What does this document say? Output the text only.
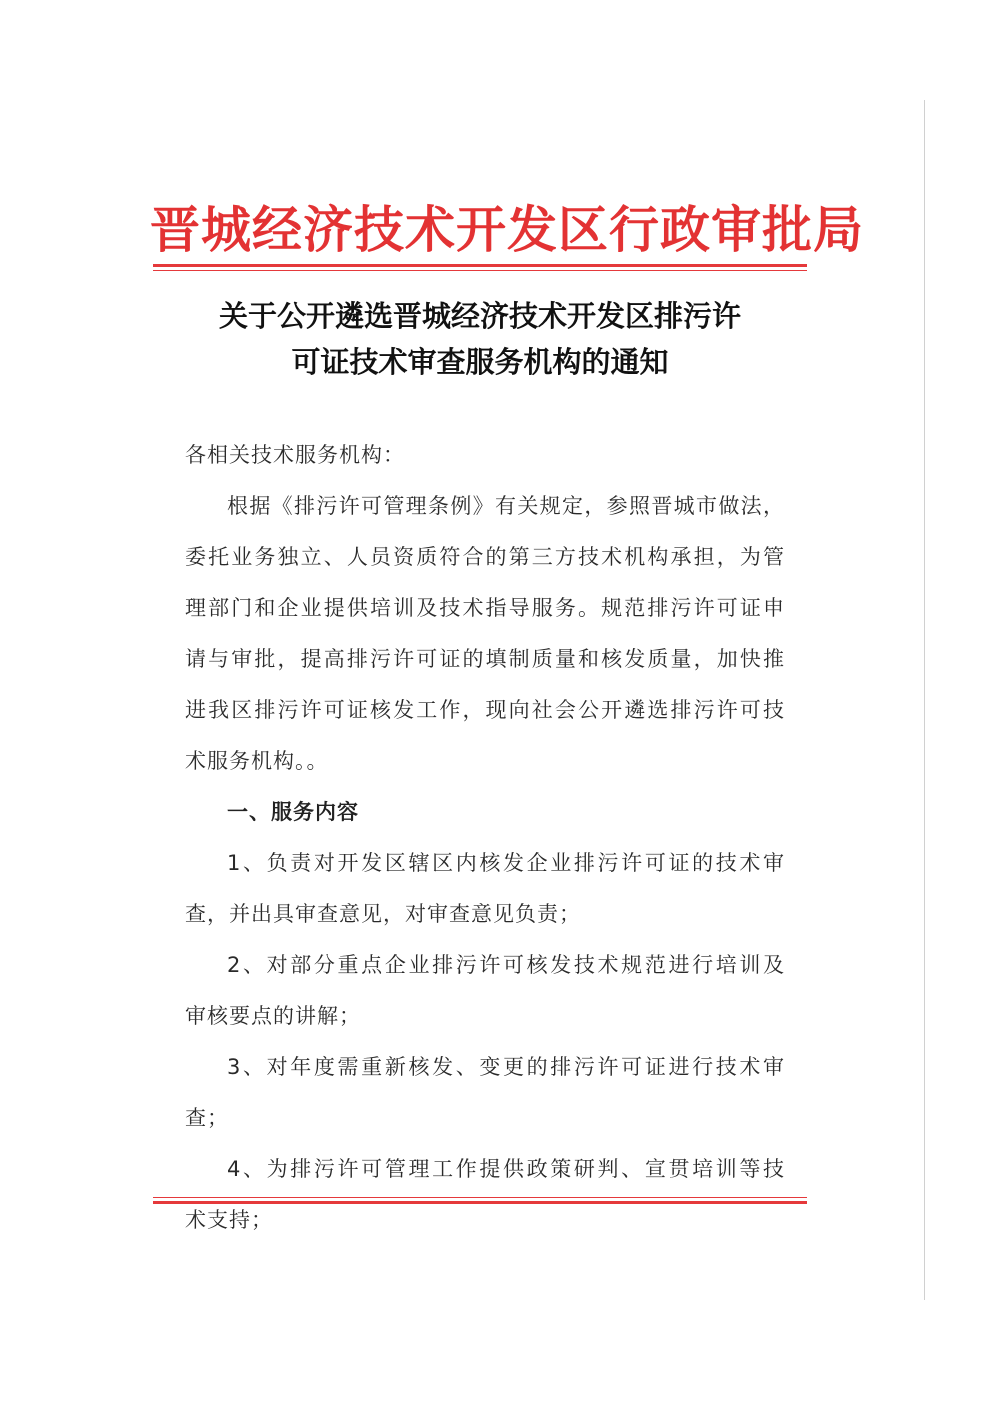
晋城经济技术开发区行政审批局
关于公开遴选晋城经济技术开发区排污许
可证技术审查服务机构的通知
各相关技术服务机构：
根据《排污许可管理条例》有关规定，参照晋城市做法，
委托业务独立、人员资质符合的第三方技术机构承担，为管
理部门和企业提供培训及技术指导服务。规范排污许可证申
请与审批，提高排污许可证的填制质量和核发质量，加快推
进我区排污许可证核发工作，现向社会公开遴选排污许可技
术服务机构。。
一、服务内容
1、负责对开发区辖区内核发企业排污许可证的技术审
查，并出具审查意见，对审查意见负责；
2、对部分重点企业排污许可核发技术规范进行培训及
审核要点的讲解；
3、对年度需重新核发、变更的排污许可证进行技术审
查；
4、为排污许可管理工作提供政策研判、宣贯培训等技
术支持；
